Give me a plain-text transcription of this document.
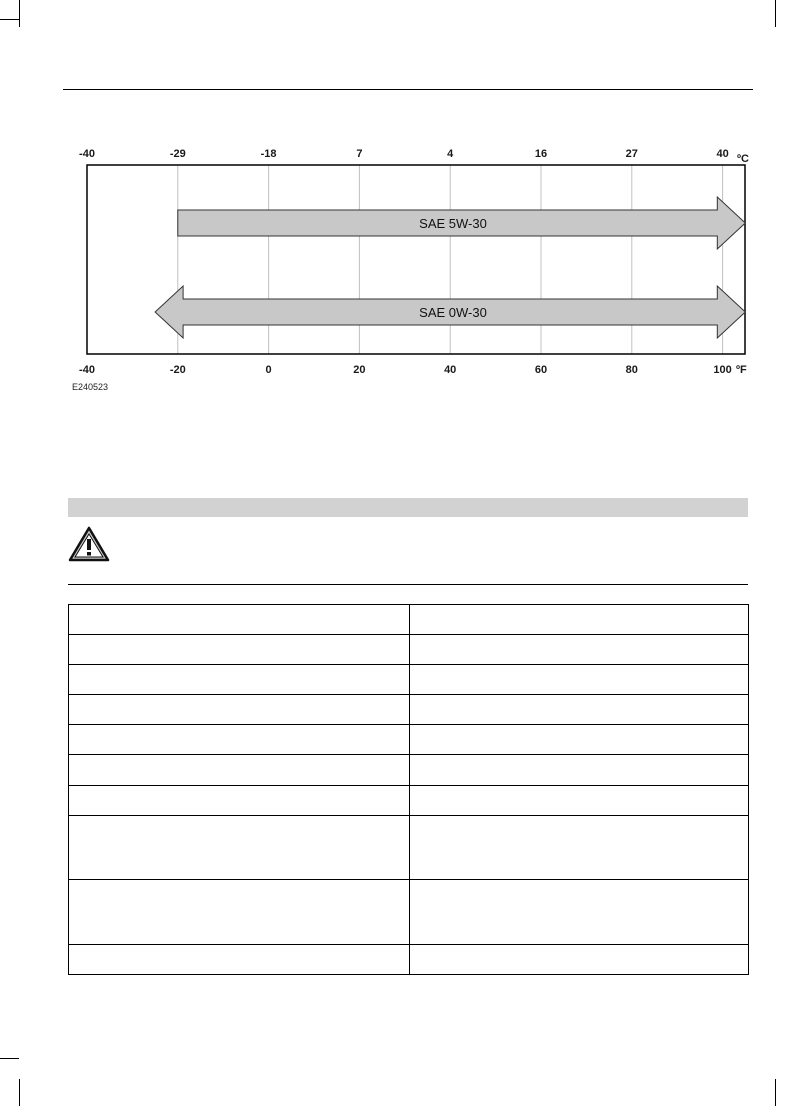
SAE 5W-30
SAE 0W-30
-40	-29	-18	7	4	16	27	40
-40	-20	0	20	40	60	80	100
ºC
ºF
E240523
